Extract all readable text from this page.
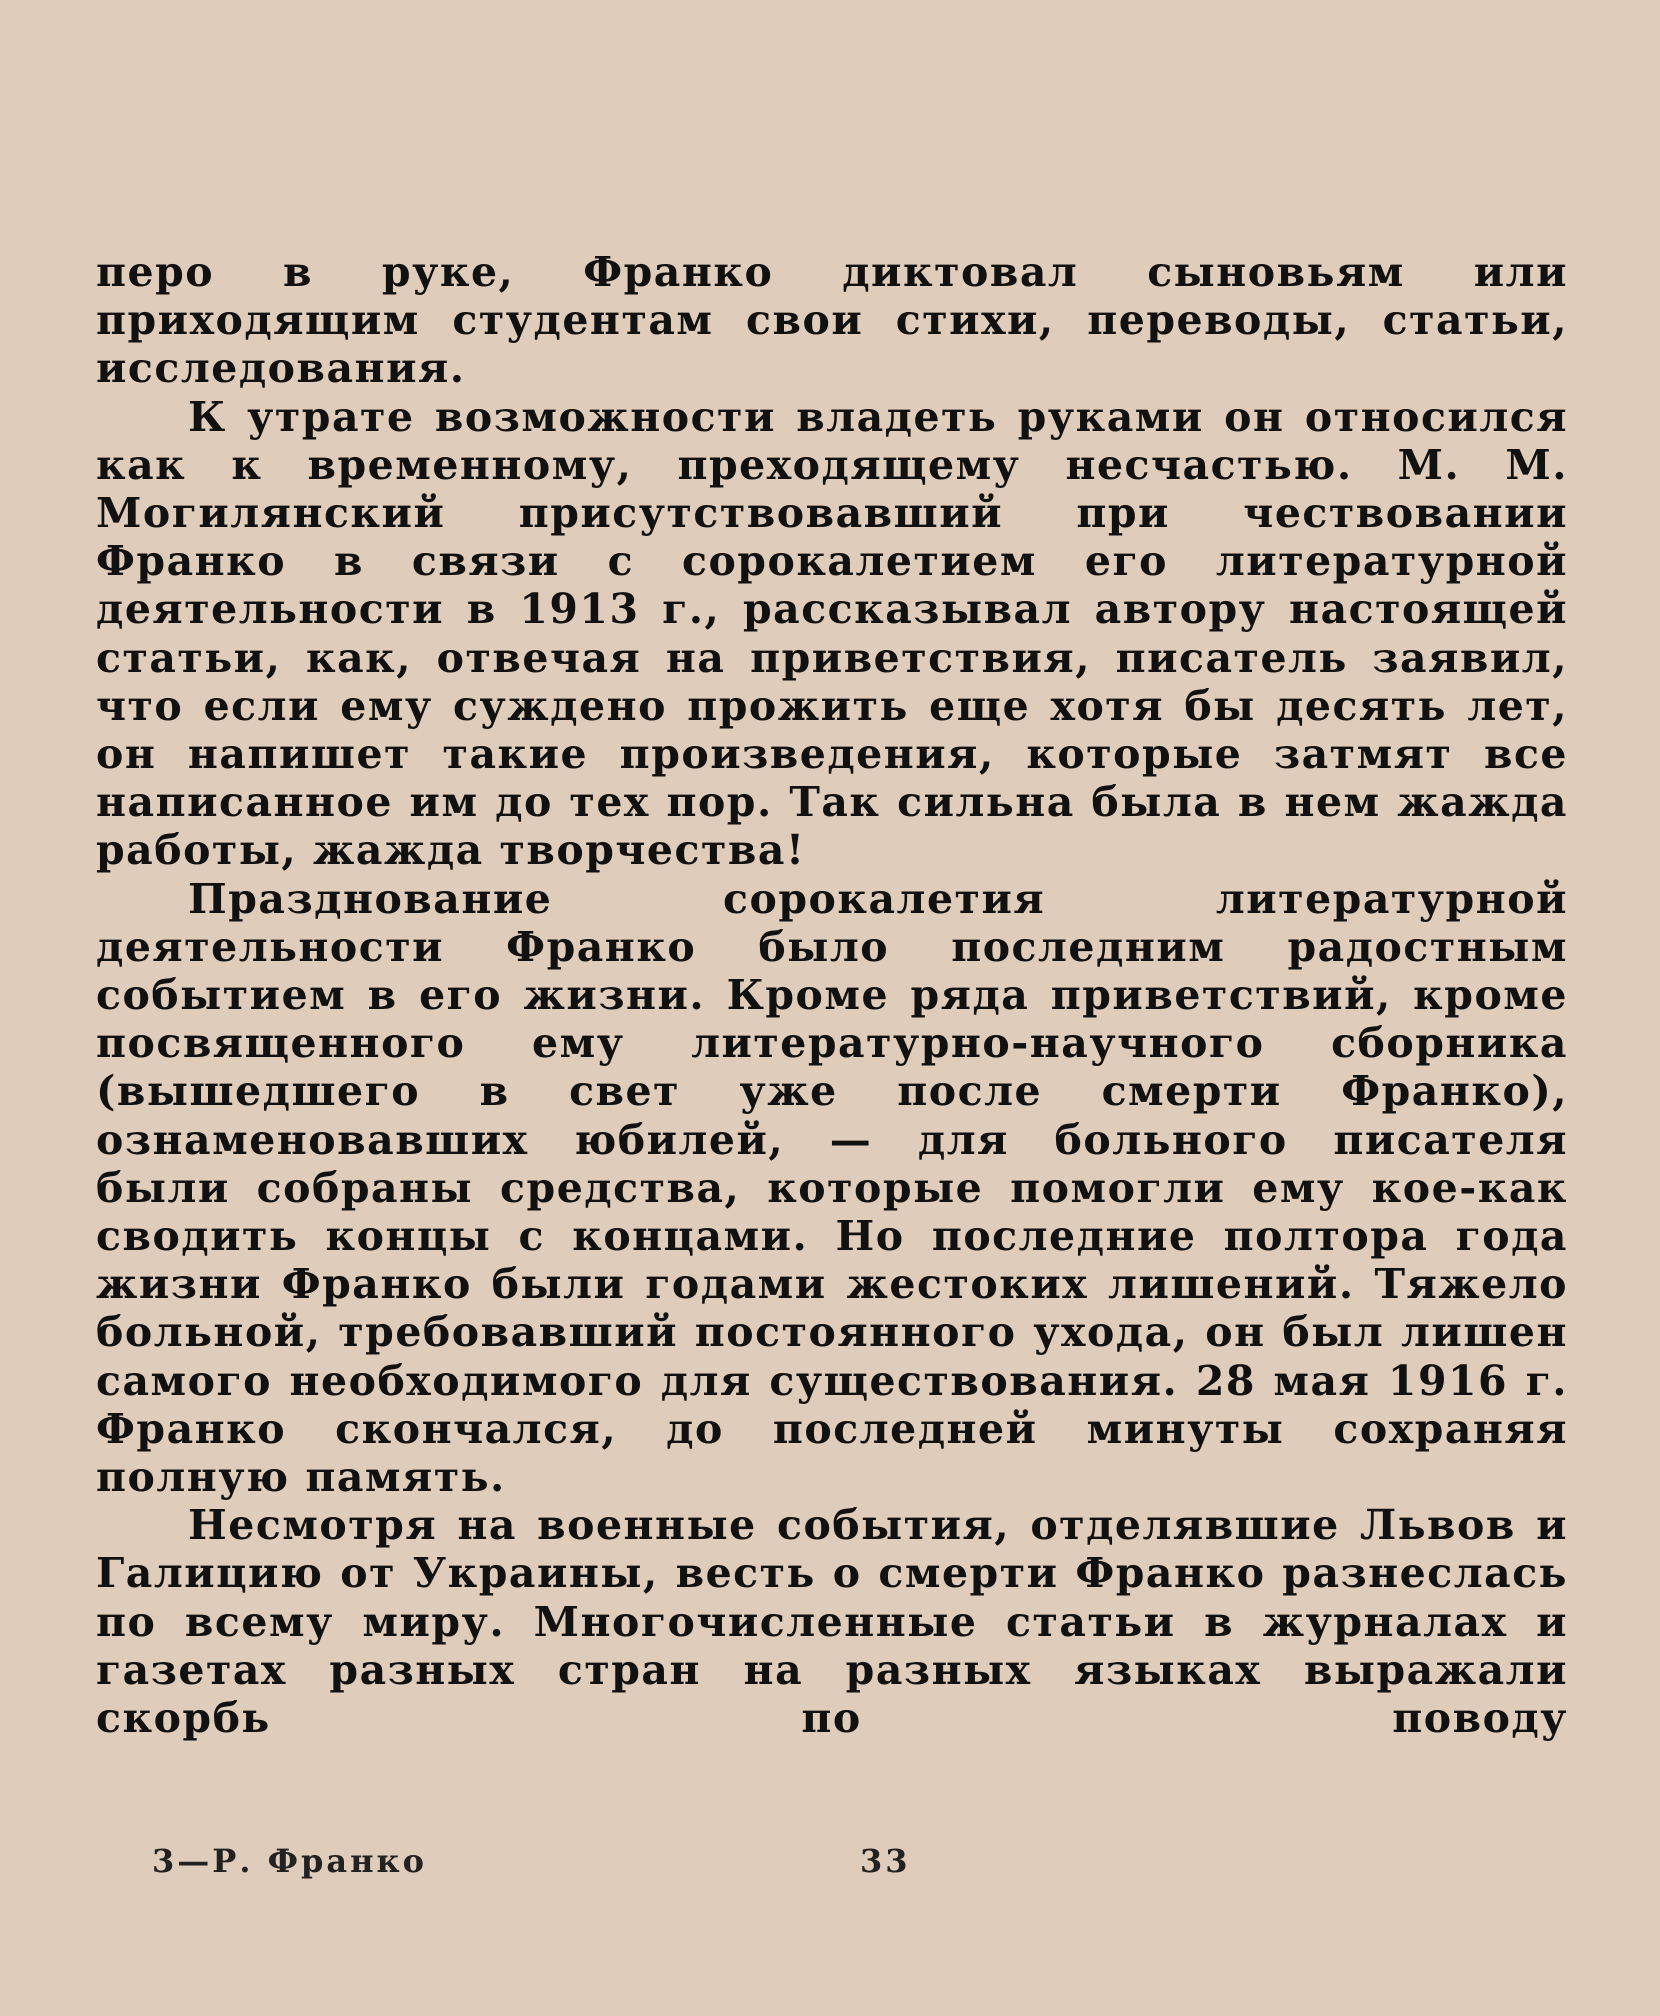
перо в руке, Франко диктовал сыновьям или приходящим студентам свои стихи, переводы, статьи, исследования.

К утрате возможности владеть руками он относился как к временному, преходящему несчастью. М. М. Могилянский присутствовавший при чествовании Франко в связи с сорокалетием его литературной деятельности в 1913 г., рассказывал автору настоящей статьи, как, отвечая на приветствия, писатель заявил, что если ему суждено прожить еще хотя бы десять лет, он напишет такие произведения, которые затмят все написанное им до тех пор. Так сильна была в нем жажда работы, жажда творчества!

Празднование сорокалетия литературной деятельности Франко было последним радостным событием в его жизни. Кроме ряда приветствий, кроме посвященного ему литературно-научного сборника (вышедшего в свет уже после смерти Франко), ознаменовавших юбилей, — для больного писателя были собраны средства, которые помогли ему кое-как сводить концы с концами. Но последние полтора года жизни Франко были годами жестоких лишений. Тяжело больной, требовавший постоянного ухода, он был лишен самого необходимого для существования. 28 мая 1916 г. Франко скончался, до последней минуты сохраняя полную память.

Несмотря на военные события, отделявшие Львов и Галицию от Украины, весть о смерти Франко разнеслась по всему миру. Многочисленные статьи в журналах и газетах разных стран на разных языках выражали скорбь по поводу

3—Р. Франко	33
